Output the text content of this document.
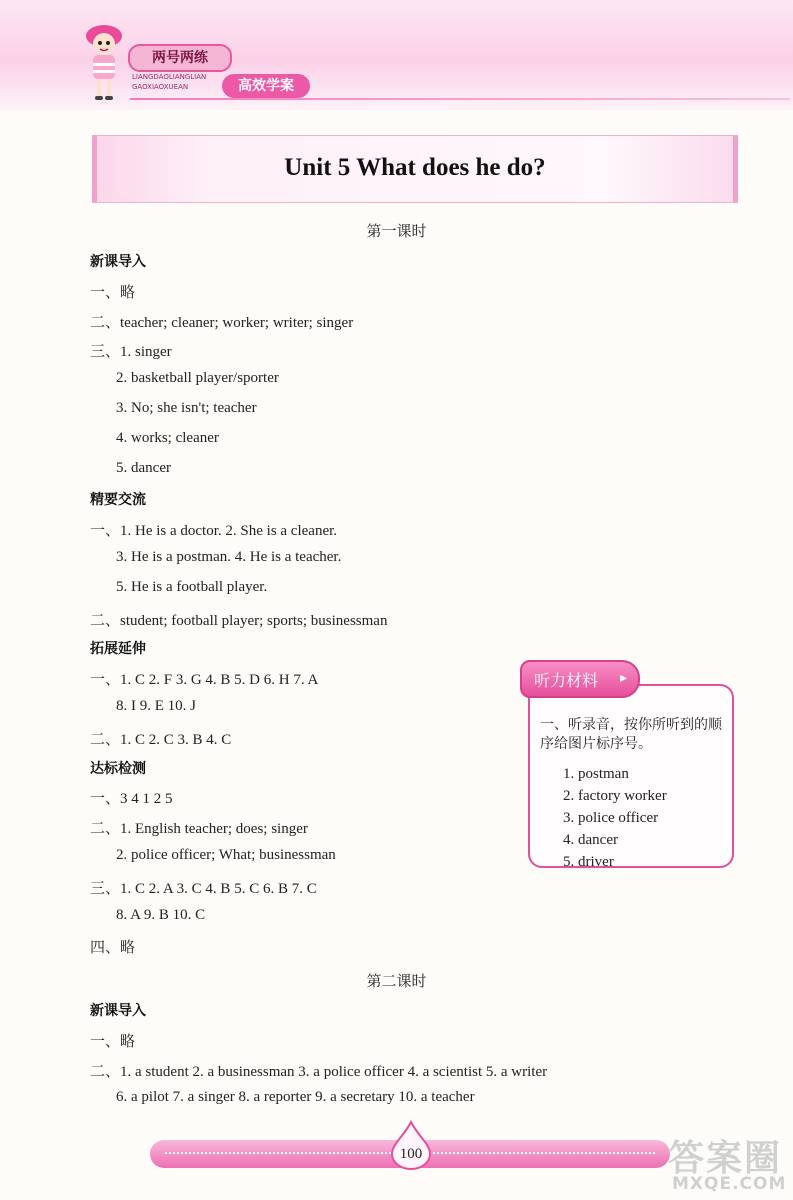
两号两练
LIANGDAOLIANGLIAN
GAOXIAOXUEAN	高效学案
Unit 5 What does he do?
第一课时
第二课时
新课导入
一、略
二、teacher; cleaner; worker; writer; singer
三、1. singer
2. basketball player/sporter
3. No; she isn't; teacher
4. works; cleaner
5. dancer
精要交流
一、1. He is a doctor. 2. She is a cleaner.
3. He is a postman. 4. He is a teacher.
5. He is a football player.
二、student; football player; sports; businessman
拓展延伸
一、1. C 2. F 3. G 4. B 5. D 6. H 7. A
8. I 9. E 10. J
二、1. C 2. C 3. B 4. C
达标检测
一、3 4 1 2 5
二、1. English teacher; does; singer
2. police officer; What; businessman
三、1. C 2. A 3. C 4. B 5. C 6. B 7. C
8. A 9. B 10. C
四、略
新课导入
一、略
二、1. a student 2. a businessman 3. a police officer 4. a scientist 5. a writer
6. a pilot 7. a singer 8. a reporter 9. a secretary 10. a teacher
一、听录音，按你所听到的顺序给图片标序号。
1. postman
2. factory worker
3. police officer
4. dancer
5. driver
听力材料 ▸
100	答案圈
MXQE.COM
